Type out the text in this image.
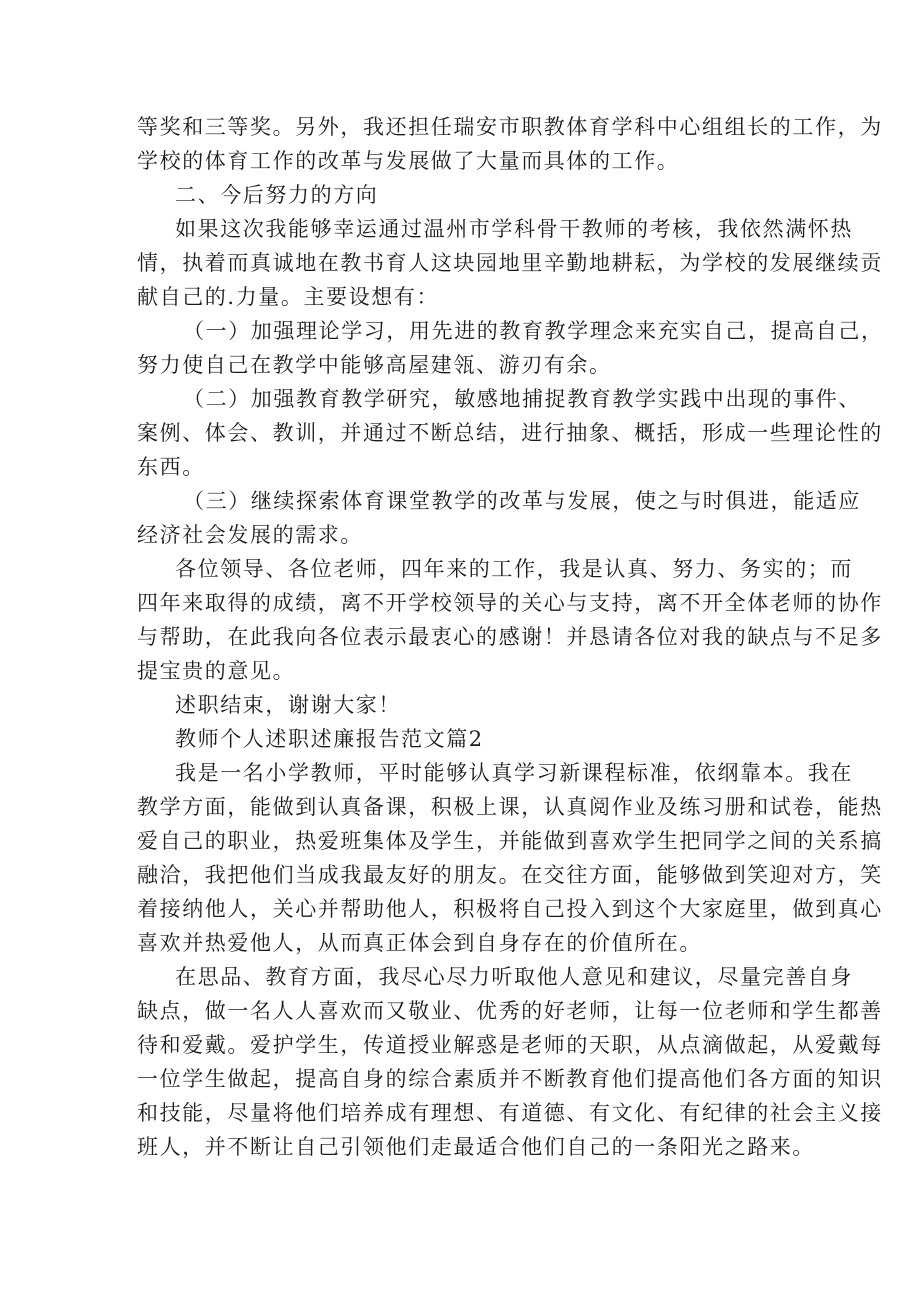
等奖和三等奖。另外，我还担任瑞安市职教体育学科中心组组长的工作，为
学校的体育工作的改革与发展做了大量而具体的工作。
二、今后努力的方向
如果这次我能够幸运通过温州市学科骨干教师的考核，我依然满怀热
情，执着而真诚地在教书育人这块园地里辛勤地耕耘，为学校的发展继续贡
献自己的.力量。主要设想有：
（一）加强理论学习，用先进的教育教学理念来充实自己，提高自己，
努力使自己在教学中能够高屋建瓴、游刃有余。
（二）加强教育教学研究，敏感地捕捉教育教学实践中出现的事件、
案例、体会、教训，并通过不断总结，进行抽象、概括，形成一些理论性的
东西。
（三）继续探索体育课堂教学的改革与发展，使之与时俱进，能适应
经济社会发展的需求。
各位领导、各位老师，四年来的工作，我是认真、努力、务实的；而
四年来取得的成绩，离不开学校领导的关心与支持，离不开全体老师的协作
与帮助，在此我向各位表示最衷心的感谢！并恳请各位对我的缺点与不足多
提宝贵的意见。
述职结束，谢谢大家！
教师个人述职述廉报告范文篇2
我是一名小学教师，平时能够认真学习新课程标准，依纲靠本。我在
教学方面，能做到认真备课，积极上课，认真阅作业及练习册和试卷，能热
爱自己的职业，热爱班集体及学生，并能做到喜欢学生把同学之间的关系搞
融洽，我把他们当成我最友好的朋友。在交往方面，能够做到笑迎对方，笑
着接纳他人，关心并帮助他人，积极将自己投入到这个大家庭里，做到真心
喜欢并热爱他人，从而真正体会到自身存在的价值所在。
在思品、教育方面，我尽心尽力听取他人意见和建议，尽量完善自身
缺点，做一名人人喜欢而又敬业、优秀的好老师，让每一位老师和学生都善
待和爱戴。爱护学生，传道授业解惑是老师的天职，从点滴做起，从爱戴每
一位学生做起，提高自身的综合素质并不断教育他们提高他们各方面的知识
和技能，尽量将他们培养成有理想、有道德、有文化、有纪律的社会主义接
班人，并不断让自己引领他们走最适合他们自己的一条阳光之路来。
